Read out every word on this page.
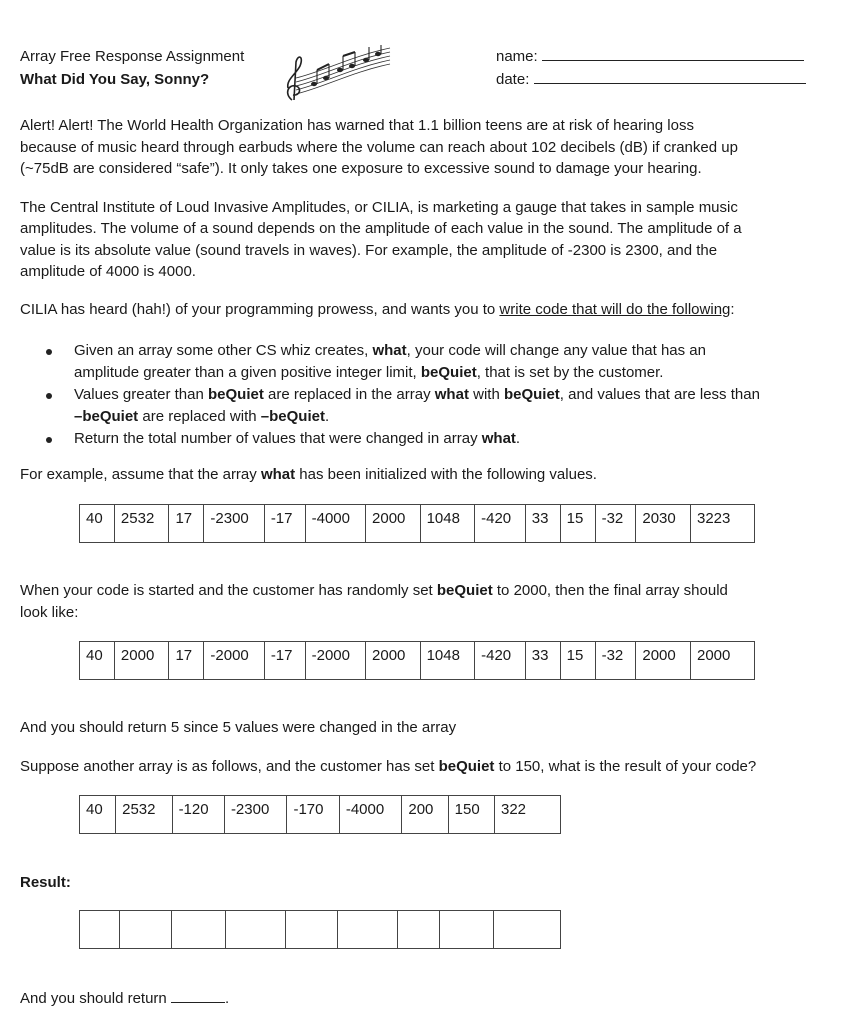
Array Free Response Assignment
What Did You Say, Sonny?
name:
date:
Alert! Alert! The World Health Organization has warned that 1.1 billion teens are at risk of hearing loss
because of music heard through earbuds where the volume can reach about 102 decibels (dB) if cranked up
(~75dB are considered “safe”). It only takes one exposure to excessive sound to damage your hearing.
The Central Institute of Loud Invasive Amplitudes, or CILIA, is marketing a gauge that takes in sample music
amplitudes. The volume of a sound depends on the amplitude of each value in the sound. The amplitude of a
value is its absolute value (sound travels in waves). For example, the amplitude of -2300 is 2300, and the
amplitude of 4000 is 4000.
CILIA has heard (hah!) of your programming prowess, and wants you to write code that will do the following:
Given an array some other CS whiz creates, what, your code will change any value that has an
amplitude greater than a given positive integer limit, beQuiet, that is set by the customer.
Values greater than beQuiet are replaced in the array what with beQuiet, and values that are less than
–beQuiet are replaced with –beQuiet.
Return the total number of values that were changed in array what.
For example, assume that the array what has been initialized with the following values.
40	2532	17	-2300	-17	-4000	2000	1048	-420	33	15	-32	2030	3223
When your code is started and the customer has randomly set beQuiet to 2000, then the final array should
look like:
40	2000	17	-2000	-17	-2000	2000	1048	-420	33	15	-32	2000	2000
And you should return 5 since 5 values were changed in the array
Suppose another array is as follows, and the customer has set beQuiet to 150, what is the result of your code?
40	2532	-120	-2300	-170	-4000	200	150	322
Result:

And you should return	.
